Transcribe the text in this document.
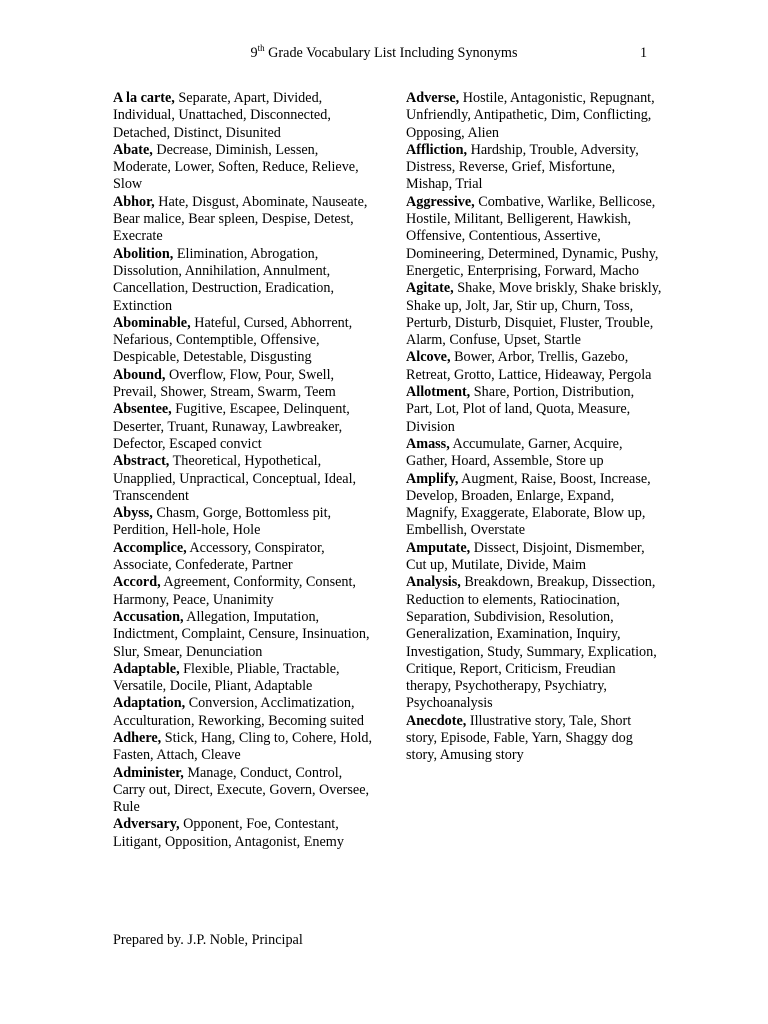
9th Grade Vocabulary List Including Synonyms	1

A la carte, Separate, Apart, Divided, Individual, Unattached, Disconnected, Detached, Distinct, Disunited

Abate, Decrease, Diminish, Lessen, Moderate, Lower, Soften, Reduce, Relieve, Slow

Abhor, Hate, Disgust, Abominate, Nauseate, Bear malice, Bear spleen, Despise, Detest, Execrate

Abolition, Elimination, Abrogation, Dissolution, Annihilation, Annulment, Cancellation, Destruction, Eradication, Extinction

Abominable, Hateful, Cursed, Abhorrent, Nefarious, Contemptible, Offensive, Despicable, Detestable, Disgusting

Abound, Overflow, Flow, Pour, Swell, Prevail, Shower, Stream, Swarm, Teem

Absentee, Fugitive, Escapee, Delinquent, Deserter, Truant, Runaway, Lawbreaker, Defector, Escaped convict

Abstract, Theoretical, Hypothetical, Unapplied, Unpractical, Conceptual, Ideal, Transcendent

Abyss, Chasm, Gorge, Bottomless pit, Perdition, Hell-hole, Hole

Accomplice, Accessory, Conspirator, Associate, Confederate, Partner

Accord, Agreement, Conformity, Consent, Harmony, Peace, Unanimity

Accusation, Allegation, Imputation, Indictment, Complaint, Censure, Insinuation, Slur, Smear, Denunciation

Adaptable, Flexible, Pliable, Tractable, Versatile, Docile, Pliant, Adaptable

Adaptation, Conversion, Acclimatization, Acculturation, Reworking, Becoming suited

Adhere, Stick, Hang, Cling to, Cohere, Hold, Fasten, Attach, Cleave

Administer, Manage, Conduct, Control, Carry out, Direct, Execute, Govern, Oversee, Rule

Adversary, Opponent, Foe, Contestant, Litigant, Opposition, Antagonist, Enemy

Adverse, Hostile, Antagonistic, Repugnant, Unfriendly, Antipathetic, Dim, Conflicting, Opposing, Alien

Affliction, Hardship, Trouble, Adversity, Distress, Reverse, Grief, Misfortune, Mishap, Trial

Aggressive, Combative, Warlike, Bellicose, Hostile, Militant, Belligerent, Hawkish, Offensive, Contentious, Assertive, Domineering, Determined, Dynamic, Pushy, Energetic, Enterprising, Forward, Macho

Agitate, Shake, Move briskly, Shake briskly, Shake up, Jolt, Jar, Stir up, Churn, Toss, Perturb, Disturb, Disquiet, Fluster, Trouble, Alarm, Confuse, Upset, Startle

Alcove, Bower, Arbor, Trellis, Gazebo, Retreat, Grotto, Lattice, Hideaway, Pergola

Allotment, Share, Portion, Distribution, Part, Lot, Plot of land, Quota, Measure, Division

Amass, Accumulate, Garner, Acquire, Gather, Hoard, Assemble, Store up

Amplify, Augment, Raise, Boost, Increase, Develop, Broaden, Enlarge, Expand, Magnify, Exaggerate, Elaborate, Blow up, Embellish, Overstate

Amputate, Dissect, Disjoint, Dismember, Cut up, Mutilate, Divide, Maim

Analysis, Breakdown, Breakup, Dissection, Reduction to elements, Ratiocination, Separation, Subdivision, Resolution, Generalization, Examination, Inquiry, Investigation, Study, Summary, Explication, Critique, Report, Criticism, Freudian therapy, Psychotherapy, Psychiatry, Psychoanalysis

Anecdote, Illustrative story, Tale, Short story, Episode, Fable, Yarn, Shaggy dog story, Amusing story

Prepared by. J.P. Noble, Principal
